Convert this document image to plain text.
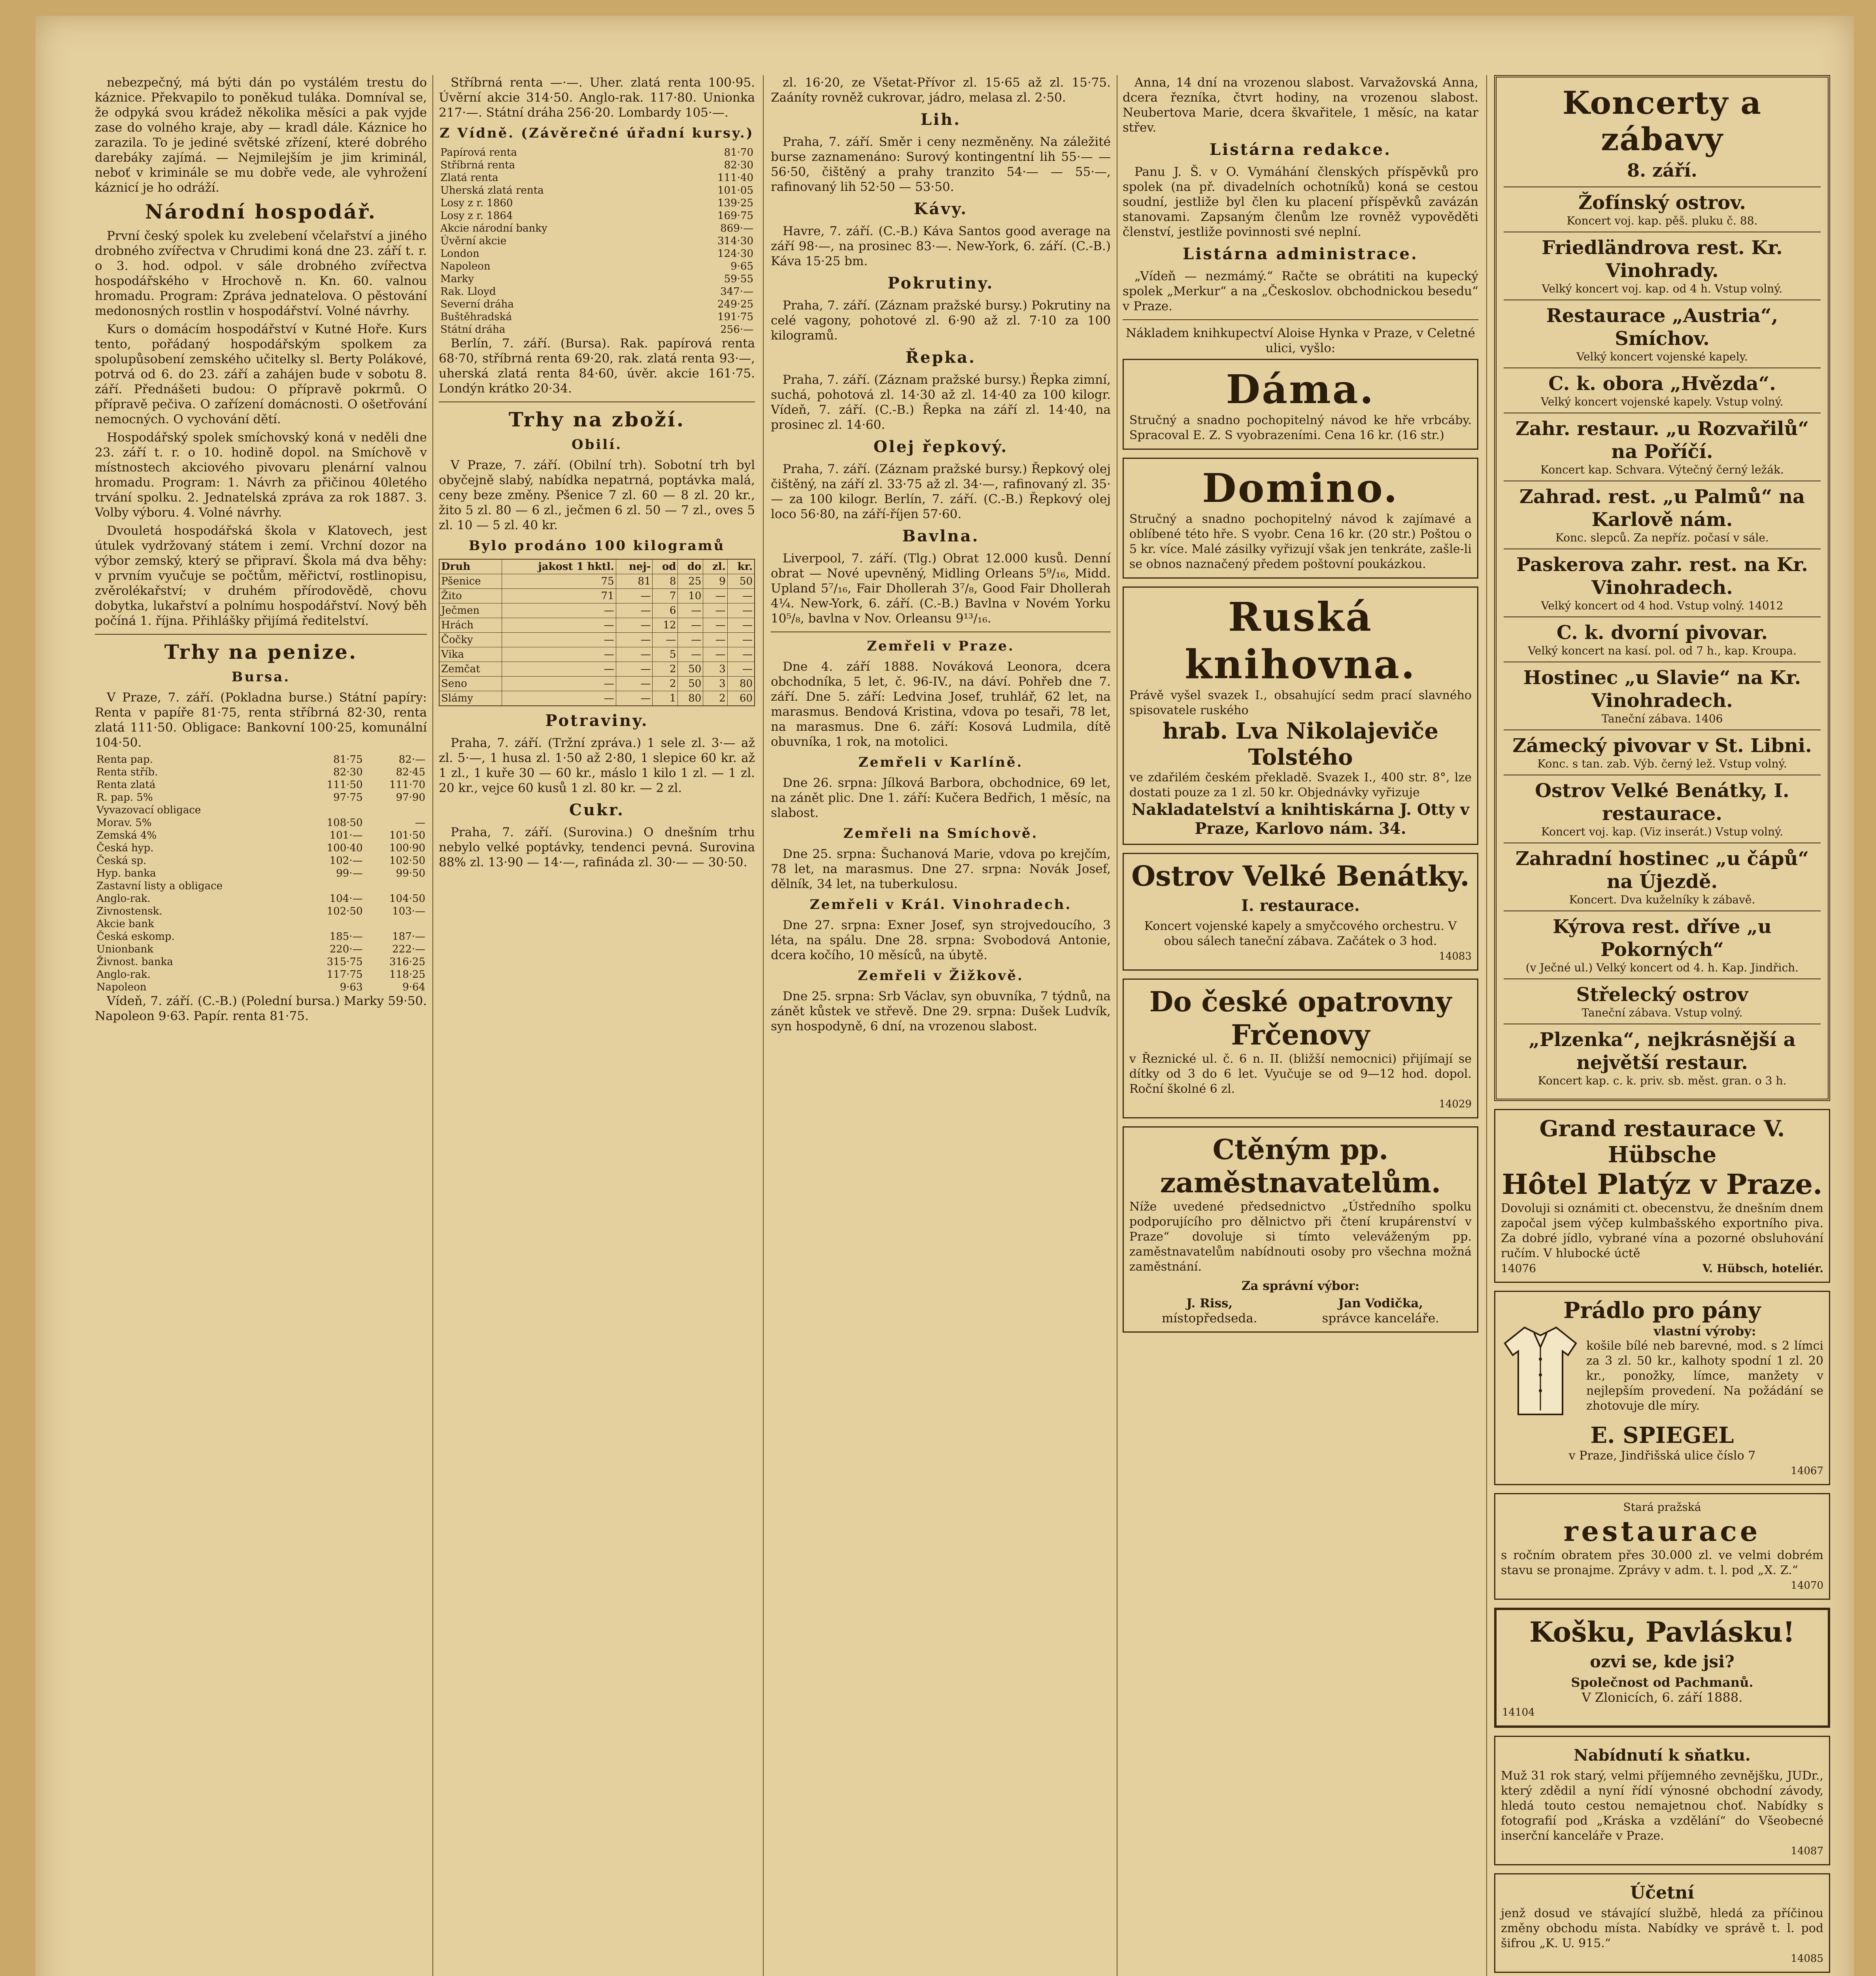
nebezpečný, má býti dán po vystálém trestu do káznice. Překvapilo to poněkud tuláka. Domníval se, že odpyká svou krádež několika měsíci a pak vyjde zase do volného kraje, aby — kradl dále. Káznice ho zarazila. To je jediné světské zřízení, které dobrého darebáky zajímá. — Nejmilejším je jim kriminál, neboť v kriminále se mu dobře vede, ale vyhrožení káznicí je ho odráží.

Národní hospodář.

První český spolek ku zvelebení včelařství a jiného drobného zvířectva v Chrudimi koná dne 23. září t. r. o 3. hod. odpol. v sále drobného zvířectva hospodářského v Hrochově n. Kn. 60. valnou hromadu. Program: Zpráva jednatelova. O pěstování medonosných rostlin v hospodářství. Volné návrhy.

Kurs o domácím hospodářství v Kutné Hoře. Kurs tento, pořádaný hospodářským spolkem za spolupůsobení zemského učitelky sl. Berty Polákové, potrvá od 6. do 23. září a zahájen bude v sobotu 8. září. Přednášeti budou: O přípravě pokrmů. O přípravě pečiva. O zařízení domácnosti. O ošetřování nemocných. O vychování dětí.

Hospodářský spolek smíchovský koná v neděli dne 23. září t. r. o 10. hodině dopol. na Smíchově v místnostech akciového pivovaru plenární valnou hromadu. Program: 1. Návrh za přičinou 40letého trvání spolku. 2. Jednatelská zpráva za rok 1887. 3. Volby výboru. 4. Volné návrhy.

Dvouletá hospodářská škola v Klatovech, jest útulek vydržovaný státem i zemí. Vrchní dozor na výbor zemský, který se připraví. Škola má dva běhy: v prvním vyučuje se počtům, měřictví, rostlinopisu, zvěrolékařství; v druhém přírodovědě, chovu dobytka, lukařství a polnímu hospodářství. Nový běh počíná 1. října. Přihlášky přijímá ředitelství.

Trhy na penize.
Bursa.

V Praze, 7. září. (Pokladna burse.) Státní papíry: Renta v papíře 81·75, renta stříbrná 82·30, renta zlatá 111·50. Obligace: Bankovní 100·25, komunální 104·50.

Renta pap.	81·75	82·—
Renta stříb.	82·30	82·45
Renta zlatá	111·50	111·70
R. pap. 5%	97·75	97·90
Vyvazovací obligace		
Morav. 5%	108·50	—
Zemská 4%	101·—	101·50
Česká hyp.	100·40	100·90
Česká sp.	102·—	102·50
Hyp. banka	99·—	99·50
Zastavní listy a obligace		
Anglo-rak.	104·—	104·50
Zivnostensk.	102·50	103·—
Akcie bank		
Česká eskomp.	185·—	187·—
Unionbank	220·—	222·—
Živnost. banka	315·75	316·25
Anglo-rak.	117·75	118·25
Napoleon	9·63	9·64

Vídeň, 7. září. (C.-B.) (Polední bursa.) Marky 59·50. Napoleon 9·63. Papír. renta 81·75.

Stříbrná renta —·—. Uher. zlatá renta 100·95. Úvěrní akcie 314·50. Anglo-rak. 117·80. Unionka 217·—. Státní dráha 256·20. Lombardy 105·—.

Z Vídně. (Závěrečné úřadní kursy.)
Papírová renta	81·70
Stříbrná renta	82·30
Zlatá renta	111·40
Uherská zlatá renta	101·05
Losy z r. 1860	139·25
Losy z r. 1864	169·75
Akcie národní banky	869·—
Úvěrní akcie	314·30
London	124·30
Napoleon	9·65
Marky	59·55
Rak. Lloyd	347·—
Severní dráha	249·25
Buštěhradská	191·75
Státní dráha	256·—

Berlín, 7. září. (Bursa). Rak. papírová renta 68·70, stříbrná renta 69·20, rak. zlatá renta 93·—, uherská zlatá renta 84·60, úvěr. akcie 161·75. Londýn krátko 20·34.

Trhy na zboží.
Obilí.

V Praze, 7. září. (Obilní trh). Sobotní trh byl obyčejně slabý, nabídka nepatrná, poptávka malá, ceny beze změny. Pšenice 7 zl. 60 — 8 zl. 20 kr., žito 5 zl. 80 — 6 zl., ječmen 6 zl. 50 — 7 zl., oves 5 zl. 10 — 5 zl. 40 kr.

Bylo prodáno 100 kilogramů
Druh	jakost 1 hktl.	nej-	od	do	zl.	kr.
Pšenice	75	81	8	25	9	50
Žito	71	—	7	10	—	—
Ječmen	—	—	6	—	—	—
Hrách	—	—	12	—	—	—
Čočky	—	—	—	—	—	—
Vika	—	—	5	—	—	—
Zemčat	—	—	2	50	3	—
Seno	—	—	2	50	3	80
Slámy	—	—	1	80	2	60
Potraviny.

Praha, 7. září. (Tržní zpráva.) 1 sele zl. 3·— až zl. 5·—, 1 husa zl. 1·50 až 2·80, 1 slepice 60 kr. až 1 zl., 1 kuře 30 — 60 kr., máslo 1 kilo 1 zl. — 1 zl. 20 kr., vejce 60 kusů 1 zl. 80 kr. — 2 zl.

Cukr.

Praha, 7. září. (Surovina.) O dnešním trhu nebylo velké poptávky, tendenci pevná. Surovina 88% zl. 13·90 — 14·—, rafináda zl. 30·— — 30·50.

zl. 16·20, ze Všetat-Přívor zl. 15·65 až zl. 15·75. Zaáníty rovněž cukrovar, jádro, melasa zl. 2·50.

Lih.

Praha, 7. září. Směr i ceny nezměněny. Na záležité burse zaznamenáno: Surový kontingentní lih 55·— — 56·50, čištěný a prahy tranzito 54·— — 55·—, rafinovaný lih 52·50 — 53·50.

Kávy.

Havre, 7. září. (C.-B.) Káva Santos good average na září 98·—, na prosinec 83·—. New-York, 6. září. (C.-B.) Káva 15·25 bm.

Pokrutiny.

Praha, 7. září. (Záznam pražské bursy.) Pokrutiny na celé vagony, pohotové zl. 6·90 až zl. 7·10 za 100 kilogramů.

Řepka.

Praha, 7. září. (Záznam pražské bursy.) Řepka zimní, suchá, pohotová zl. 14·30 až zl. 14·40 za 100 kilogr. Vídeň, 7. září. (C.-B.) Řepka na září zl. 14·40, na prosinec zl. 14·60.

Olej řepkový.

Praha, 7. září. (Záznam pražské bursy.) Řepkový olej čištěný, na září zl. 33·75 až zl. 34·—, rafinovaný zl. 35·— za 100 kilogr. Berlín, 7. září. (C.-B.) Řepkový olej loco 56·80, na září-říjen 57·60.

Bavlna.

Liverpool, 7. září. (Tlg.) Obrat 12.000 kusů. Denní obrat — Nové upevněný, Midling Orleans 5⁹/₁₆, Midd. Upland 5⁷/₁₆, Fair Dhollerah 3⁷/₈, Good Fair Dhollerah 4¼. New-York, 6. září. (C.-B.) Bavlna v Novém Yorku 10⁵/₈, bavlna v Nov. Orleansu 9¹³/₁₆.

Zemřeli v Praze.

Dne 4. září 1888. Nováková Leonora, dcera obchodníka, 5 let, č. 96-IV., na dáví. Pohřeb dne 7. září. Dne 5. září: Ledvina Josef, truhlář, 62 let, na marasmus. Bendová Kristina, vdova po tesaři, 78 let, na marasmus. Dne 6. září: Kosová Ludmila, dítě obuvníka, 1 rok, na motolici.

Zemřeli v Karlíně.

Dne 26. srpna: Jílková Barbora, obchodnice, 69 let, na zánět plic. Dne 1. září: Kučera Bedřich, 1 měsíc, na slabost.

Zemřeli na Smíchově.

Dne 25. srpna: Šuchanová Marie, vdova po krejčím, 78 let, na marasmus. Dne 27. srpna: Novák Josef, dělník, 34 let, na tuberkulosu.

Zemřeli v Král. Vinohradech.

Dne 27. srpna: Exner Josef, syn strojvedoucího, 3 léta, na spálu. Dne 28. srpna: Svobodová Antonie, dcera kočího, 10 měsíců, na úbytě.

Zemřeli v Žižkově.

Dne 25. srpna: Srb Václav, syn obuvníka, 7 týdnů, na zánět kůstek ve střevě. Dne 29. srpna: Dušek Ludvík, syn hospodyně, 6 dní, na vrozenou slabost.

Anna, 14 dní na vrozenou slabost. Varvažovská Anna, dcera řezníka, čtvrt hodiny, na vrozenou slabost. Neubertova Marie, dcera škvařitele, 1 měsíc, na katar střev.

Listárna redakce.

Panu J. Š. v O. Vymáhání členských příspěvků pro spolek (na př. divadelních ochotníků) koná se cestou soudní, jestliže byl člen ku placení příspěvků zavázán stanovami. Zapsaným členům lze rovněž vypověděti členství, jestliže povinnosti své neplní.

Listárna administrace.

„Vídeň — nezmámý.“ Račte se obrátiti na kupecký spolek „Merkur“ a na „Českoslov. obchodnickou besedu“ v Praze.

Nákladem knihkupectví Aloise Hynka v Praze, v Celetné ulici, vyšlo:

Dáma.
Stručný a snadno pochopitelný návod ke hře vrbcáby. Spracoval E. Z. S vyobrazeními. Cena 16 kr. (16 str.)
Domino.
Stručný a snadno pochopitelný návod k zajímavé a oblíbené této hře. S vyobr. Cena 16 kr. (20 str.) Poštou o 5 kr. více. Malé zásilky vyřizují však jen tenkráte, zašle-li se obnos naznačený předem poštovní poukázkou.
Ruská knihovna.
Právě vyšel svazek I., obsahující sedm prací slavného spisovatele ruského
hrab. Lva Nikolajeviče Tolstého
ve zdařilém českém překladě. Svazek I., 400 str. 8°, lze dostati pouze za 1 zl. 50 kr. Objednávky vyřizuje
Nakladatelství a knihtiskárna J. Otty v Praze, Karlovo nám. 34.
Ostrov Velké Benátky.
I. restaurace.
Koncert vojenské kapely a smyčcového orchestru. V obou sálech taneční zábava. Začátek o 3 hod.
14083
Do české opatrovny Frčenovy
v Řeznické ul. č. 6 n. II. (bližší nemocnici) přijímají se dítky od 3 do 6 let. Vyučuje se od 9—12 hod. dopol. Roční školné 6 zl.
14029
Ctěným pp. zaměstnavatelům.
Níže uvedené předsednictvo „Ústředního spolku podporujícího pro dělnictvo při čtení krupárenství v Praze“ dovoluje si tímto veleváženým pp. zaměstnavatelům nabídnouti osoby pro všechna možná zaměstnání.
Za správní výbor:
J. Riss,
místopředseda.
Jan Vodička,
správce kanceláře.
Koncerty a zábavy
8. září.
Žofínský ostrov.
Koncert voj. kap. pěš. pluku č. 88.
Friedländrova rest. Kr. Vinohrady.
Velký koncert voj. kap. od 4 h. Vstup volný.
Restaurace „Austria“, Smíchov.
Velký koncert vojenské kapely.
C. k. obora „Hvězda“.
Velký koncert vojenské kapely. Vstup volný.
Zahr. restaur. „u Rozvařilů“ na Poříčí.
Koncert kap. Schvara. Výtečný černý ležák.
Zahrad. rest. „u Palmů“ na Karlově nám.
Konc. slepců. Za nepříz. počasí v sále.
Paskerova zahr. rest. na Kr. Vinohradech.
Velký koncert od 4 hod. Vstup volný. 14012
C. k. dvorní pivovar.
Velký koncert na kasí. pol. od 7 h., kap. Kroupa.
Hostinec „u Slavie“ na Kr. Vinohradech.
Taneční zábava. 1406
Zámecký pivovar v St. Libni.
Konc. s tan. zab. Výb. černý lež. Vstup volný.
Ostrov Velké Benátky, I. restaurace.
Koncert voj. kap. (Viz inserát.) Vstup volný.
Zahradní hostinec „u čápů“ na Újezdě.
Koncert. Dva kuželníky k zábavě.
Kýrova rest. dříve „u Pokorných“
(v Ječné ul.) Velký koncert od 4. h. Kap. Jindřich.
Střelecký ostrov
Taneční zábava. Vstup volný.
„Plzenka“, nejkrásnější a největší restaur.
Koncert kap. c. k. priv. sb. měst. gran. o 3 h.
Grand restaurace V. Hübsche
Hôtel Platýz v Praze.
Dovoluji si oznámiti ct. obecenstvu, že dnešním dnem započal jsem výčep kulmbašského exportního piva. Za dobré jídlo, vybrané vína a pozorné obsluhování ručím. V hlubocké úctě
14076	V. Hübsch, hoteliér.
Prádlo pro pány
vlastní výroby:
košile bílé neb barevné, mod. s 2 límci za 3 zl. 50 kr., kalhoty spodní 1 zl. 20 kr., ponožky, límce, manžety v nejlepším provedení. Na požádání se zhotovuje dle míry.
E. SPIEGEL
v Praze, Jindřišská ulice číslo 7
14067
Stará pražská
restaurace
s ročním obratem přes 30.000 zl. ve velmi dobrém stavu se pronajme. Zprávy v adm. t. l. pod „X. Z.“
14070
Košku, Pavlásku!
ozvi se, kde jsi?
Společnost od Pachmanů.
V Zlonicích, 6. září 1888.
14104
Nabídnutí k sňatku.
Muž 31 rok starý, velmi příjemného zevnějšku, JUDr., který zdědil a nyní řídí výnosné obchodní závody, hledá touto cestou nemajetnou choť. Nabídky s fotografií pod „Kráska a vzdělání“ do Všeobecné inserční kanceláře v Praze.
14087
Účetní
jenž dosud ve stávající službě, hledá za příčinou změny obchodu místa. Nabídky ve správě t. l. pod šifrou „K. U. 915.“
14085
